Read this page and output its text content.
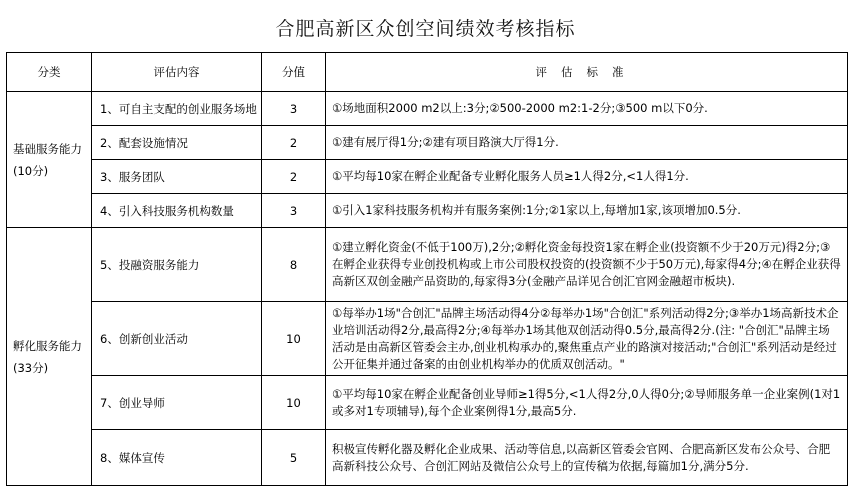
合肥高新区众创空间绩效考核指标
分类	评估内容	分值	评估标准
基础服务能力(10分)	1、可自主支配的创业服务场地	3	①场地面积2000 m2以上:3分;②500-2000 m2:1-2分;③500 m以下0分.
	2、配套设施情况	2	①建有展厅得1分;②建有项目路演大厅得1分.
	3、服务团队	2	①平均每10家在孵企业配备专业孵化服务人员≥1人得2分,<1人得1分.
	4、引入科技服务机构数量	3	①引入1家科技服务机构并有服务案例:1分;②1家以上,每增加1家,该项增加0.5分.
孵化服务能力(33分)	5、投融资服务能力	8	①建立孵化资金(不低于100万),2分;②孵化资金每投资1家在孵企业(投资额不少于20万元)得2分;③在孵企业获得专业创投机构或上市公司股权投资的(投资额不少于50万元),每家得4分;④在孵企业获得高新区双创金融产品资助的,每家得3分(金融产品详见合创汇官网金融超市板块).
	6、创新创业活动	10	①每举办1场"合创汇"品牌主场活动得4分②每举办1场"合创汇"系列活动得2分;③举办1场高新技术企业培训活动得2分,最高得2分;④每举办1场其他双创活动得0.5分,最高得2分.(注: "合创汇"品牌主场活动是由高新区管委会主办,创业机构承办的,聚焦重点产业的路演对接活动;"合创汇"系列活动是经过公开征集并通过备案的由创业机构举办的优质双创活动。"
	7、创业导师	10	①平均每10家在孵企业配备创业导师≥1得5分,<1人得2分,0人得0分;②导师服务单一企业案例(1对1或多对1专项辅导),每个企业案例得1分,最高5分.
	8、媒体宣传	5	积极宣传孵化器及孵化企业成果、活动等信息,以高新区管委会官网、合肥高新区发布公众号、合肥高新科技公众号、合创汇网站及微信公众号上的宣传稿为依据,每篇加1分,满分5分.
